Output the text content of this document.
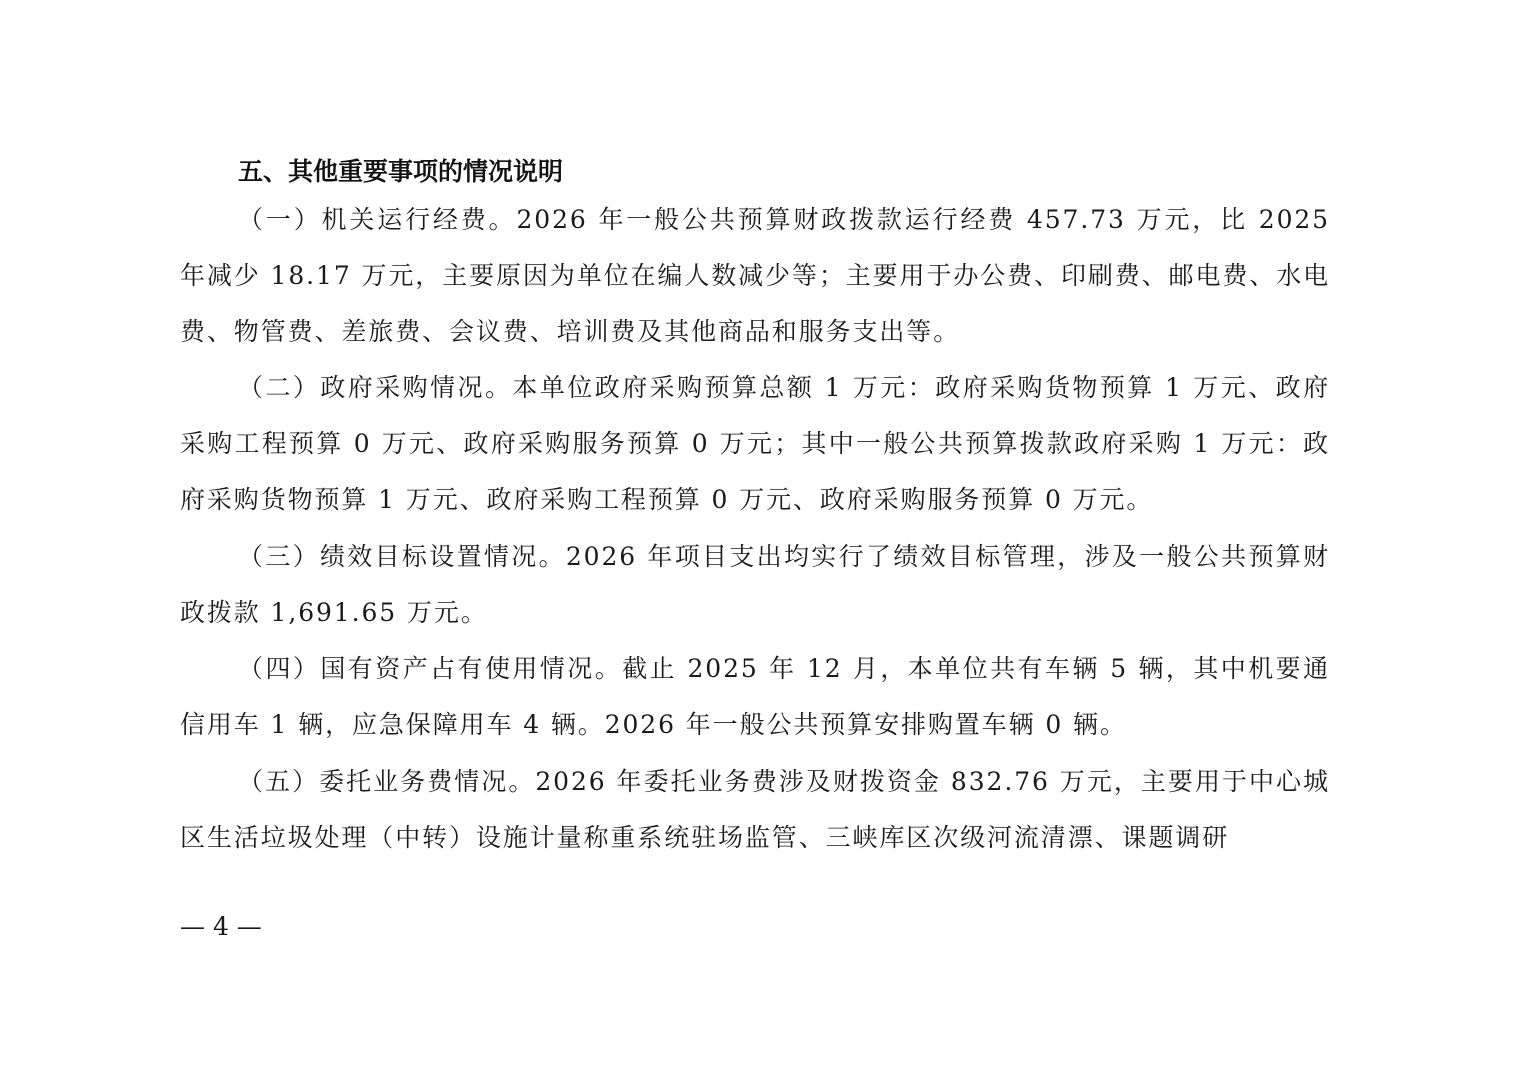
五、其他重要事项的情况说明

（一）机关运行经费。2026 年一般公共预算财政拨款运行经费 457.73 万元，比 2025 年减少 18.17 万元，主要原因为单位在编人数减少等；主要用于办公费、印刷费、邮电费、水电费、物管费、差旅费、会议费、培训费及其他商品和服务支出等。

（二）政府采购情况。本单位政府采购预算总额 1 万元：政府采购货物预算 1 万元、政府采购工程预算 0 万元、政府采购服务预算 0 万元；其中一般公共预算拨款政府采购 1 万元：政府采购货物预算 1 万元、政府采购工程预算 0 万元、政府采购服务预算 0 万元。

（三）绩效目标设置情况。2026 年项目支出均实行了绩效目标管理，涉及一般公共预算财政拨款 1,691.65 万元。

（四）国有资产占有使用情况。截止 2025 年 12 月，本单位共有车辆 5 辆，其中机要通信用车 1 辆，应急保障用车 4 辆。2026 年一般公共预算安排购置车辆 0 辆。

（五）委托业务费情况。2026 年委托业务费涉及财拨资金 832.76 万元，主要用于中心城区生活垃圾处理（中转）设施计量称重系统驻场监管、三峡库区次级河流清漂、课题调研

— 4 —
